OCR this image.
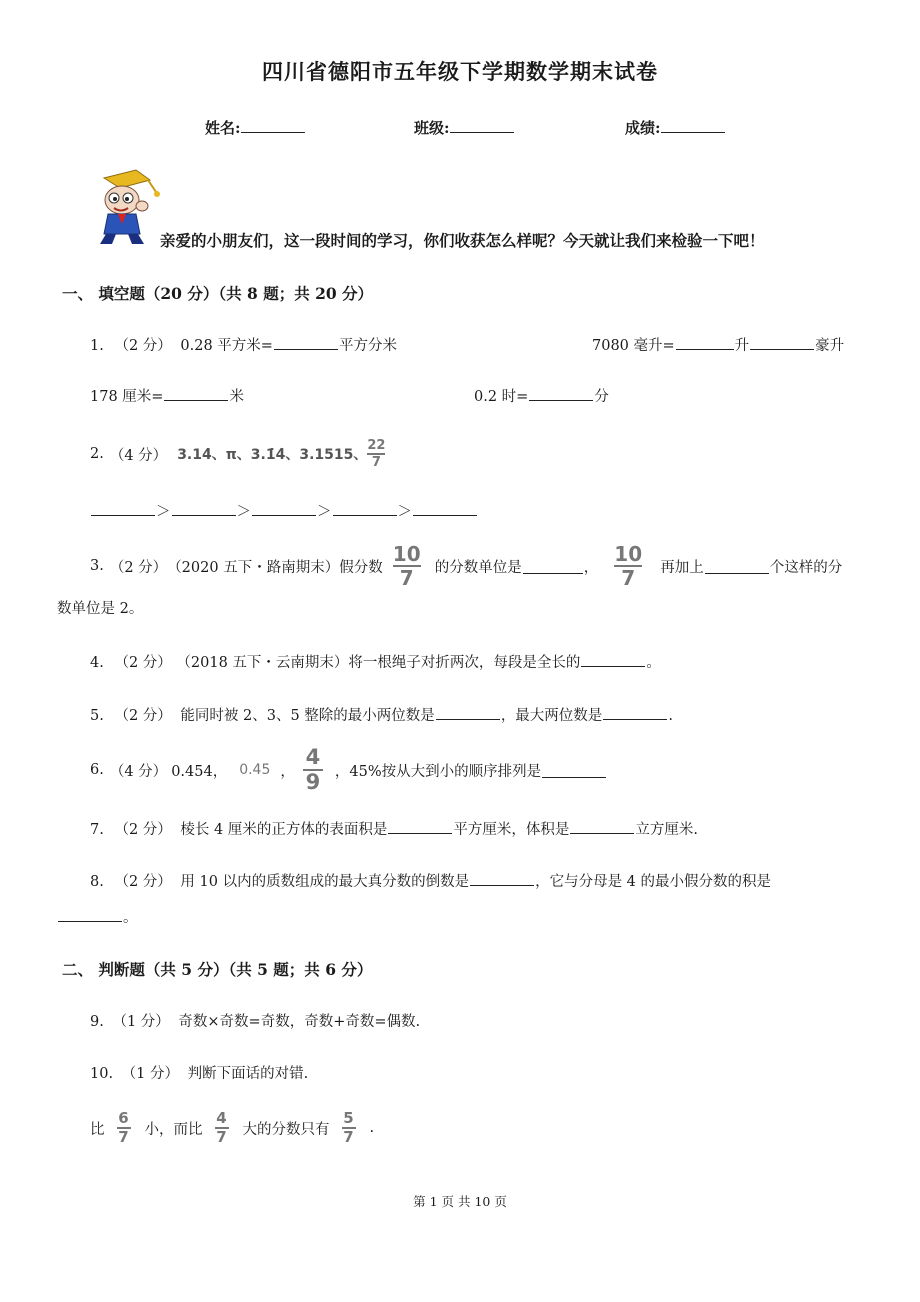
四川省德阳市五年级下学期数学期末试卷
姓名:	班级:	成绩:
亲爱的小朋友们，这一段时间的学习，你们收获怎么样呢？今天就让我们来检验一下吧！
一、 填空题（20 分）（共 8 题；共 20 分）
1. （2 分） 0.28 平方米=	平方分米	7080 毫升=	升	豪升
178 厘米=	米	0.2 时=	分
2. （4 分） 3.14̇、π、3.1̇4̇、3.1515、 $\frac{22}{7}$
＞	＞	＞	＞
3. （2 分） （2020 五下・路南期末）假分数 $\frac{10}{7}$ 的分数单位是	， $\frac{10}{7}$ 再加上	个这样的分
数单位是 2。
4. （2 分） （2018 五下・云南期末）将一根绳子对折两次，每段是全长的	。
5. （2 分） 能同时被 2、3、5 整除的最小两位数是	，最大两位数是	.
6. （4 分） 0.454， 0.4̇5̇ ， $\frac{4}{9}$ ，45%按从大到小的顺序排列是
7. （2 分） 棱长 4 厘米的正方体的表面积是	平方厘米，体积是	立方厘米.
8. （2 分） 用 10 以内的质数组成的最大真分数的倒数是	，它与分母是 4 的最小假分数的积是
。
二、 判断题（共 5 分）（共 5 题；共 6 分）
9. （1 分） 奇数×奇数=奇数，奇数+奇数=偶数.
10. （1 分） 判断下面话的对错.
比 $\frac{6}{7}$ 小，而比 $\frac{4}{7}$ 大的分数只有 $\frac{5}{7}$ .
第 1 页 共 10 页
